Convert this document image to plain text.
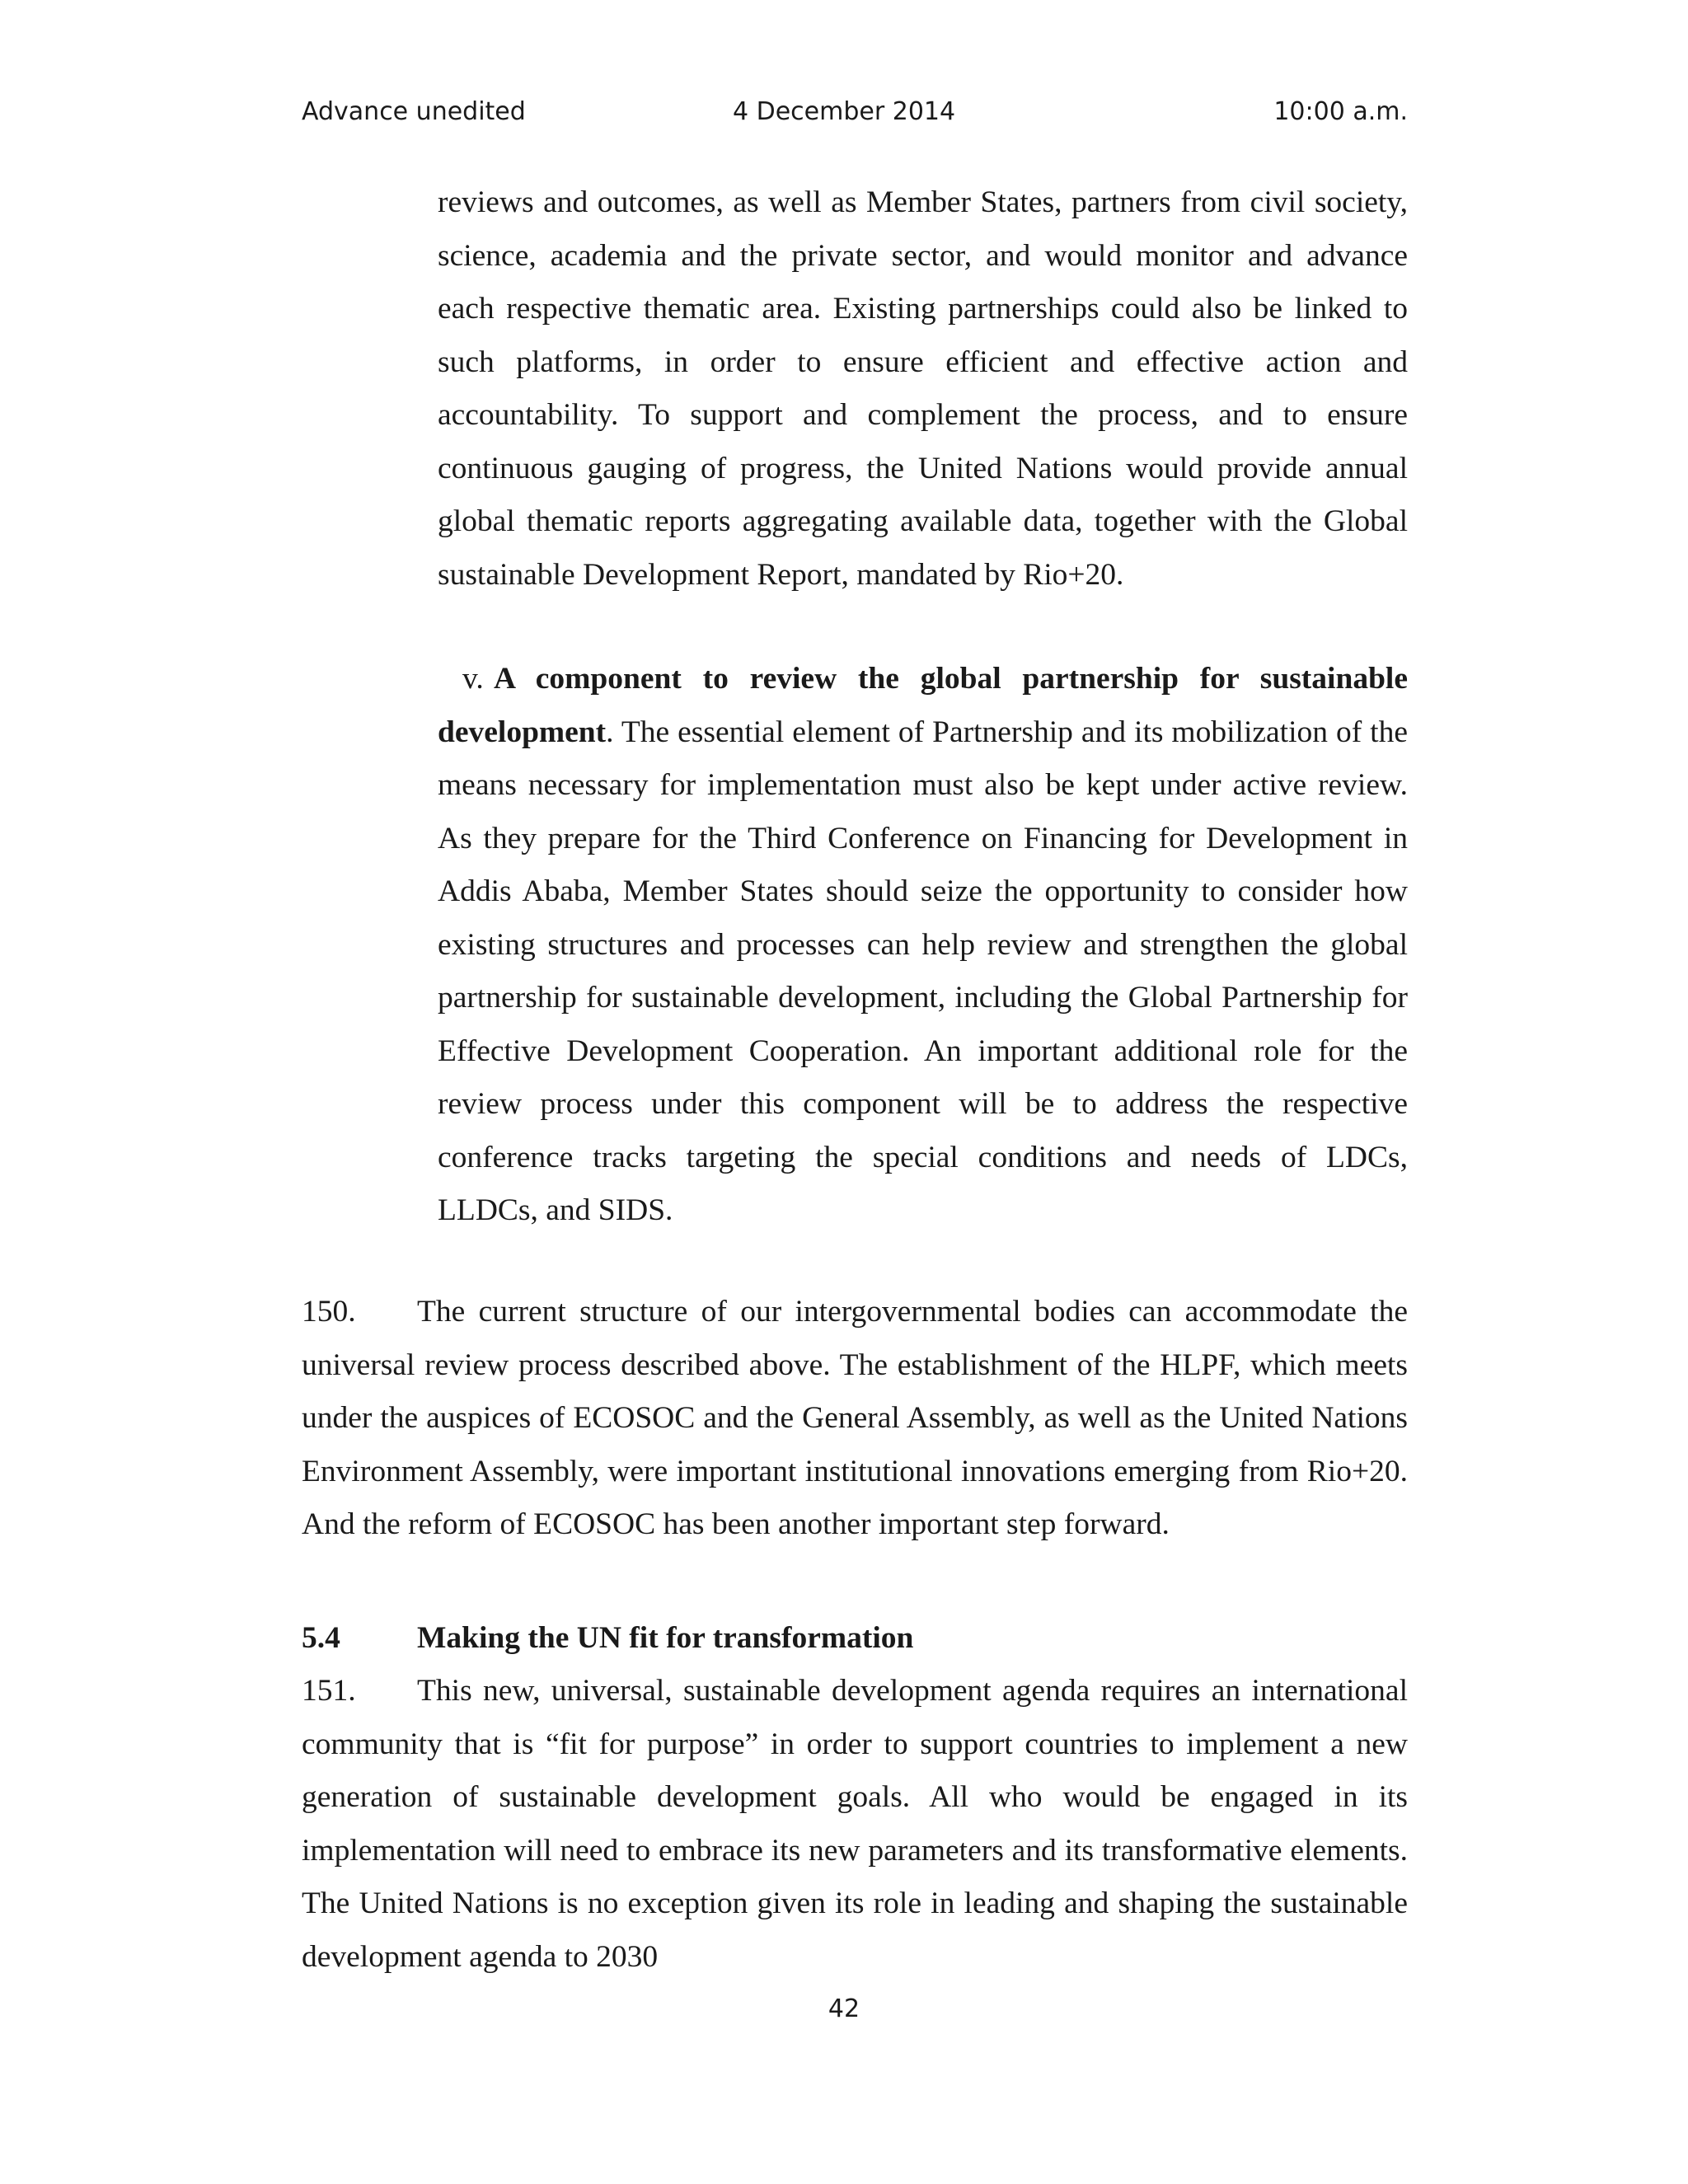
Advance unedited	4 December 2014	10:00 a.m.

reviews and outcomes, as well as Member States, partners from civil society, science, academia and the private sector, and would monitor and advance each respective thematic area. Existing partnerships could also be linked to such platforms, in order to ensure efficient and effective action and accountability. To support and complement the process, and to ensure continuous gauging of progress, the United Nations would provide annual global thematic reports aggregating available data, together with the Global sustainable Development Report, mandated by Rio+20.

v. A component to review the global partnership for sustainable development. The essential element of Partnership and its mobilization of the means necessary for implementation must also be kept under active review. As they prepare for the Third Conference on Financing for Development in Addis Ababa, Member States should seize the opportunity to consider how existing structures and processes can help review and strengthen the global partnership for sustainable development, including the Global Partnership for Effective Development Cooperation. An important additional role for the review process under this component will be to address the respective conference tracks targeting the special conditions and needs of LDCs, LLDCs, and SIDS.

150. The current structure of our intergovernmental bodies can accommodate the universal review process described above. The establishment of the HLPF, which meets under the auspices of ECOSOC and the General Assembly, as well as the United Nations Environment Assembly, were important institutional innovations emerging from Rio+20. And the reform of ECOSOC has been another important step forward.

5.4 Making the UN fit for transformation

151. This new, universal, sustainable development agenda requires an international community that is “fit for purpose” in order to support countries to implement a new generation of sustainable development goals. All who would be engaged in its implementation will need to embrace its new parameters and its transformative elements. The United Nations is no exception given its role in leading and shaping the sustainable development agenda to 2030

42
